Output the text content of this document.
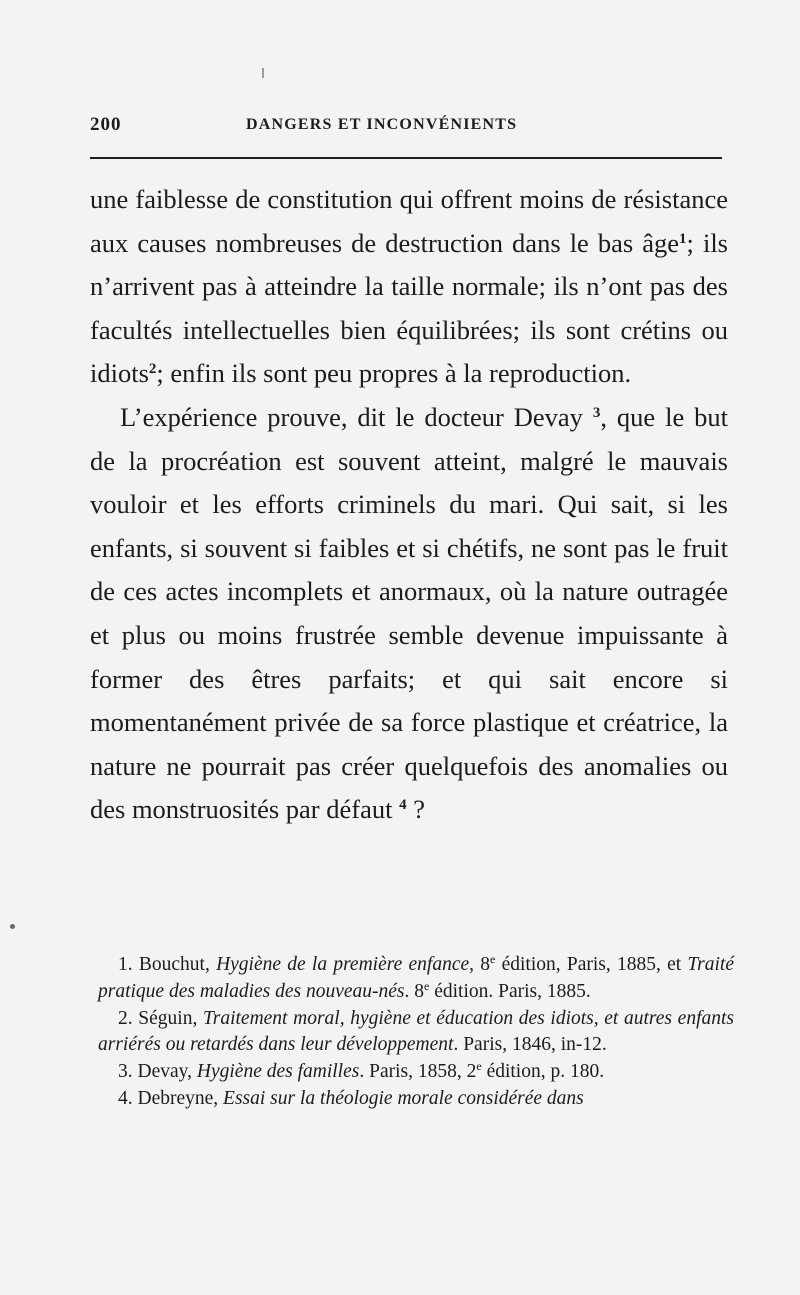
200	DANGERS ET INCONVÉNIENTS

une faiblesse de constitution qui offrent moins de résistance aux causes nombreuses de destruction dans le bas âge$^1$; ils n’arrivent pas à atteindre la taille normale; ils n’ont pas des facultés intellectuelles bien équilibrées; ils sont crétins ou idiots$^2$; enfin ils sont peu propres à la reproduction.

L’expérience prouve, dit le docteur Devay $^3$, que le but de la procréation est souvent atteint, malgré le mauvais vouloir et les efforts criminels du mari. Qui sait, si les enfants, si souvent si faibles et si chétifs, ne sont pas le fruit de ces actes incomplets et anormaux, où la nature outragée et plus ou moins frustrée semble devenue impuissante à former des êtres parfaits; et qui sait encore si momentanément privée de sa force plastique et créatrice, la nature ne pourrait pas créer quelquefois des anomalies ou des monstruosités par défaut $^4$ ?

1. Bouchut, Hygiène de la première enfance, 8e édition, Paris, 1885, et Traité pratique des maladies des nouveau-nés. 8e édition. Paris, 1885.

2. Séguin, Traitement moral, hygiène et éducation des idiots, et autres enfants arriérés ou retardés dans leur développement. Paris, 1846, in-12.

3. Devay, Hygiène des familles. Paris, 1858, 2e édition, p. 180.

4. Debreyne, Essai sur la théologie morale considérée dans
